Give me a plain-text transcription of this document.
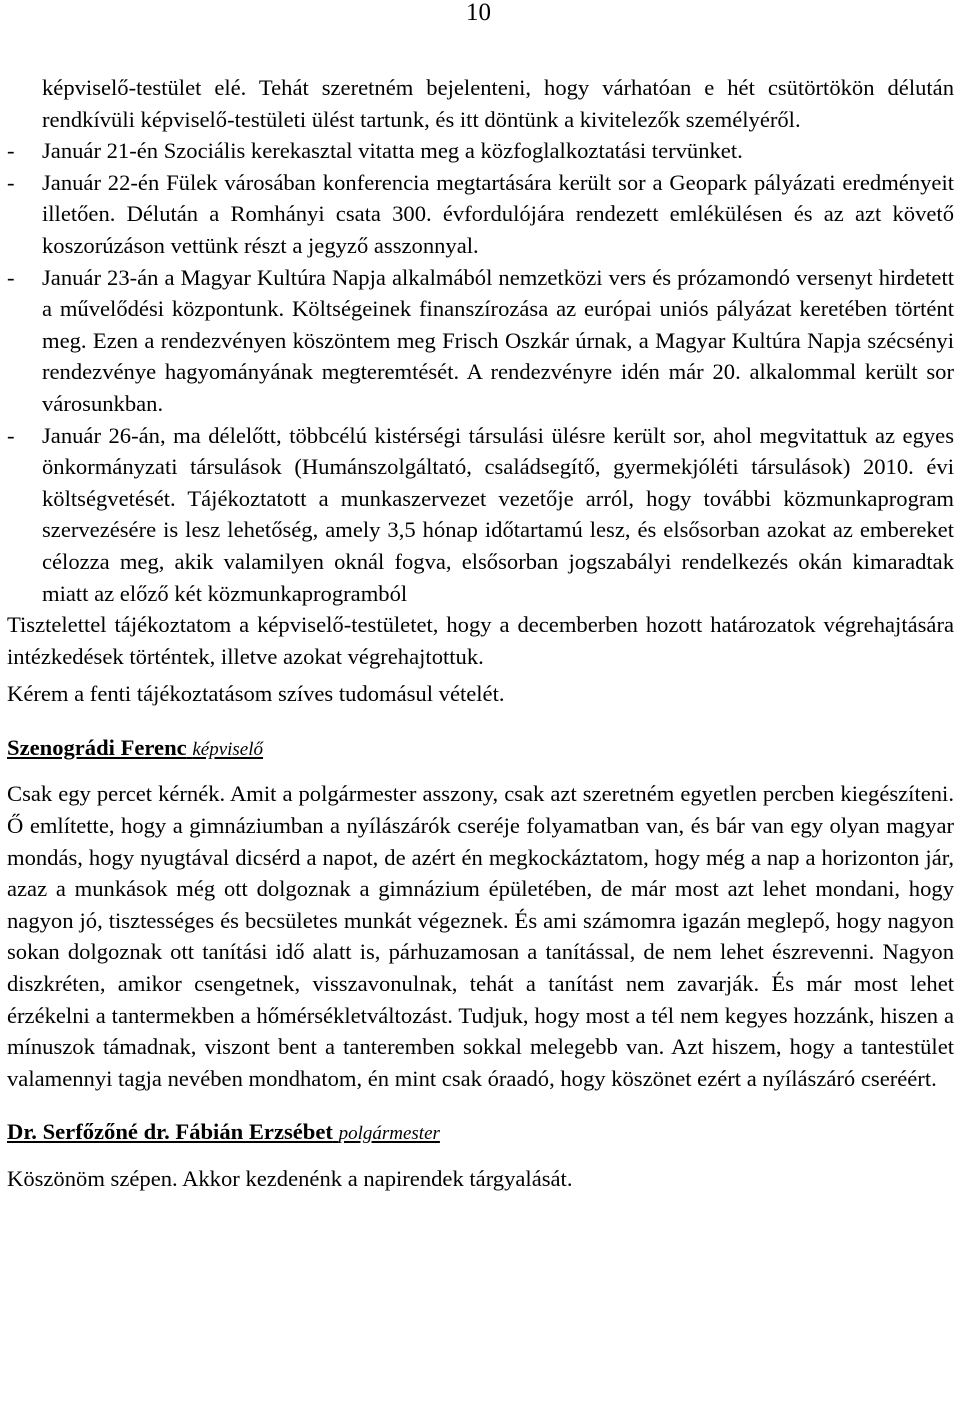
10

képviselő-testület elé. Tehát szeretném bejelenteni, hogy várhatóan e hét csütörtökön délután rendkívüli képviselő-testületi ülést tartunk, és itt döntünk a kivitelezők személyéről.

- Január 21-én Szociális kerekasztal vitatta meg a közfoglalkoztatási tervünket.

- Január 22-én Fülek városában konferencia megtartására került sor a Geopark pályázati eredményeit illetően. Délután a Romhányi csata 300. évfordulójára rendezett emlékülésen és az azt követő koszorúzáson vettünk részt a jegyző asszonnyal.

- Január 23-án a Magyar Kultúra Napja alkalmából nemzetközi vers és prózamondó versenyt hirdetett a művelődési központunk. Költségeinek finanszírozása az európai uniós pályázat keretében történt meg. Ezen a rendezvényen köszöntem meg Frisch Oszkár úrnak, a Magyar Kultúra Napja szécsényi rendezvénye hagyományának megteremtését. A rendezvényre idén már 20. alkalommal került sor városunkban.

- Január 26-án, ma délelőtt, többcélú kistérségi társulási ülésre került sor, ahol megvitattuk az egyes önkormányzati társulások (Humánszolgáltató, családsegítő, gyermekjóléti társulások) 2010. évi költségvetését. Tájékoztatott a munkaszervezet vezetője arról, hogy további közmunkaprogram szervezésére is lesz lehetőség, amely 3,5 hónap időtartamú lesz, és elsősorban azokat az embereket célozza meg, akik valamilyen oknál fogva, elsősorban jogszabályi rendelkezés okán kimaradtak miatt az előző két közmunkaprogramból

Tisztelettel tájékoztatom a képviselő-testületet, hogy a decemberben hozott határozatok végrehajtására intézkedések történtek, illetve azokat végrehajtottuk.

Kérem a fenti tájékoztatásom szíves tudomásul vételét.

Szenográdi Ferenc képviselő

Csak egy percet kérnék. Amit a polgármester asszony, csak azt szeretném egyetlen percben kiegészíteni. Ő említette, hogy a gimnáziumban a nyílászárók cseréje folyamatban van, és bár van egy olyan magyar mondás, hogy nyugtával dicsérd a napot, de azért én megkockáztatom, hogy még a nap a horizonton jár, azaz a munkások még ott dolgoznak a gimnázium épületében, de már most azt lehet mondani, hogy nagyon jó, tisztességes és becsületes munkát végeznek. És ami számomra igazán meglepő, hogy nagyon sokan dolgoznak ott tanítási idő alatt is, párhuzamosan a tanítással, de nem lehet észrevenni. Nagyon diszkréten, amikor csengetnek, visszavonulnak, tehát a tanítást nem zavarják. És már most lehet érzékelni a tantermekben a hőmérsékletváltozást. Tudjuk, hogy most a tél nem kegyes hozzánk, hiszen a mínuszok támadnak, viszont bent a tanteremben sokkal melegebb van. Azt hiszem, hogy a tantestület valamennyi tagja nevében mondhatom, én mint csak óraadó, hogy köszönet ezért a nyílászáró cseréért.

Dr. Serfőzőné dr. Fábián Erzsébet polgármester

Köszönöm szépen. Akkor kezdenénk a napirendek tárgyalását.
